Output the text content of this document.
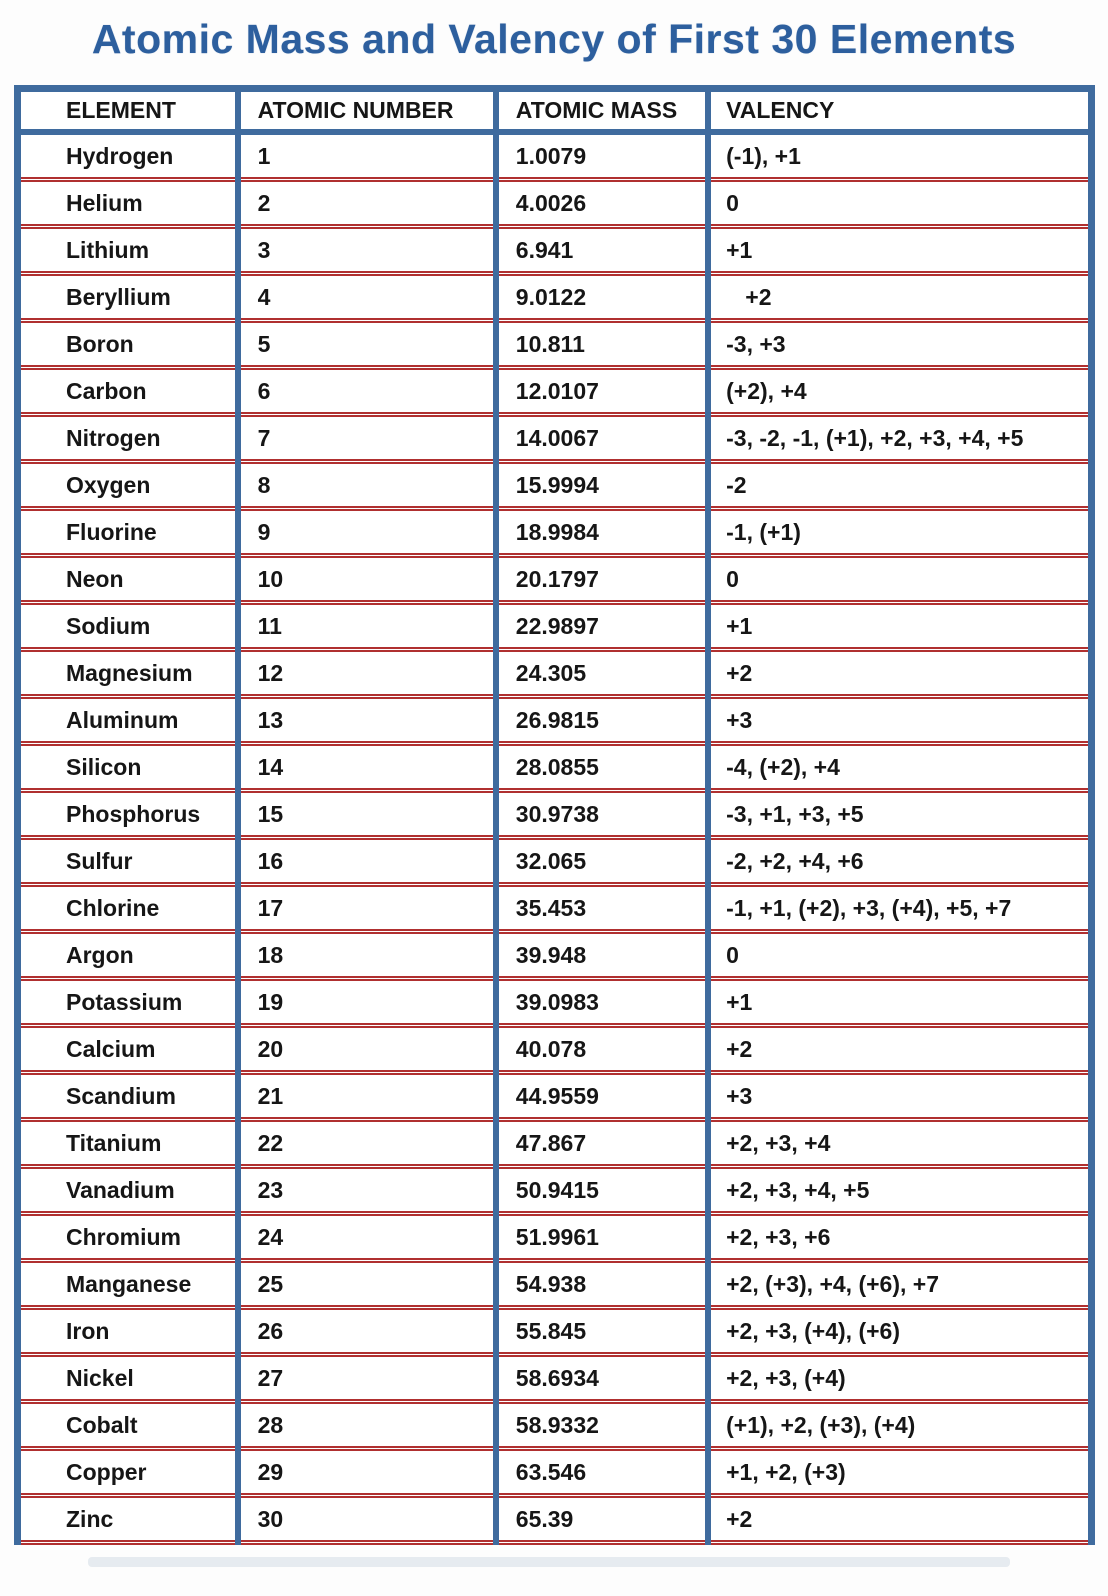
Atomic Mass and Valency of First 30 Elements
ELEMENT	ATOMIC NUMBER	ATOMIC MASS	VALENCY
Hydrogen	1	1.0079	(-1), +1
Helium	2	4.0026	0
Lithium	3	6.941	+1
Beryllium	4	9.0122	+2
Boron	5	10.811	-3, +3
Carbon	6	12.0107	(+2), +4
Nitrogen	7	14.0067	-3, -2, -1, (+1), +2, +3, +4, +5
Oxygen	8	15.9994	-2
Fluorine	9	18.9984	-1, (+1)
Neon	10	20.1797	0
Sodium	11	22.9897	+1
Magnesium	12	24.305	+2
Aluminum	13	26.9815	+3
Silicon	14	28.0855	-4, (+2), +4
Phosphorus	15	30.9738	-3, +1, +3, +5
Sulfur	16	32.065	-2, +2, +4, +6
Chlorine	17	35.453	-1, +1, (+2), +3, (+4), +5, +7
Argon	18	39.948	0
Potassium	19	39.0983	+1
Calcium	20	40.078	+2
Scandium	21	44.9559	+3
Titanium	22	47.867	+2, +3, +4
Vanadium	23	50.9415	+2, +3, +4, +5
Chromium	24	51.9961	+2, +3, +6
Manganese	25	54.938	+2, (+3), +4, (+6), +7
Iron	26	55.845	+2, +3, (+4), (+6)
Nickel	27	58.6934	+2, +3, (+4)
Cobalt	28	58.9332	(+1), +2, (+3), (+4)
Copper	29	63.546	+1, +2, (+3)
Zinc	30	65.39	+2
